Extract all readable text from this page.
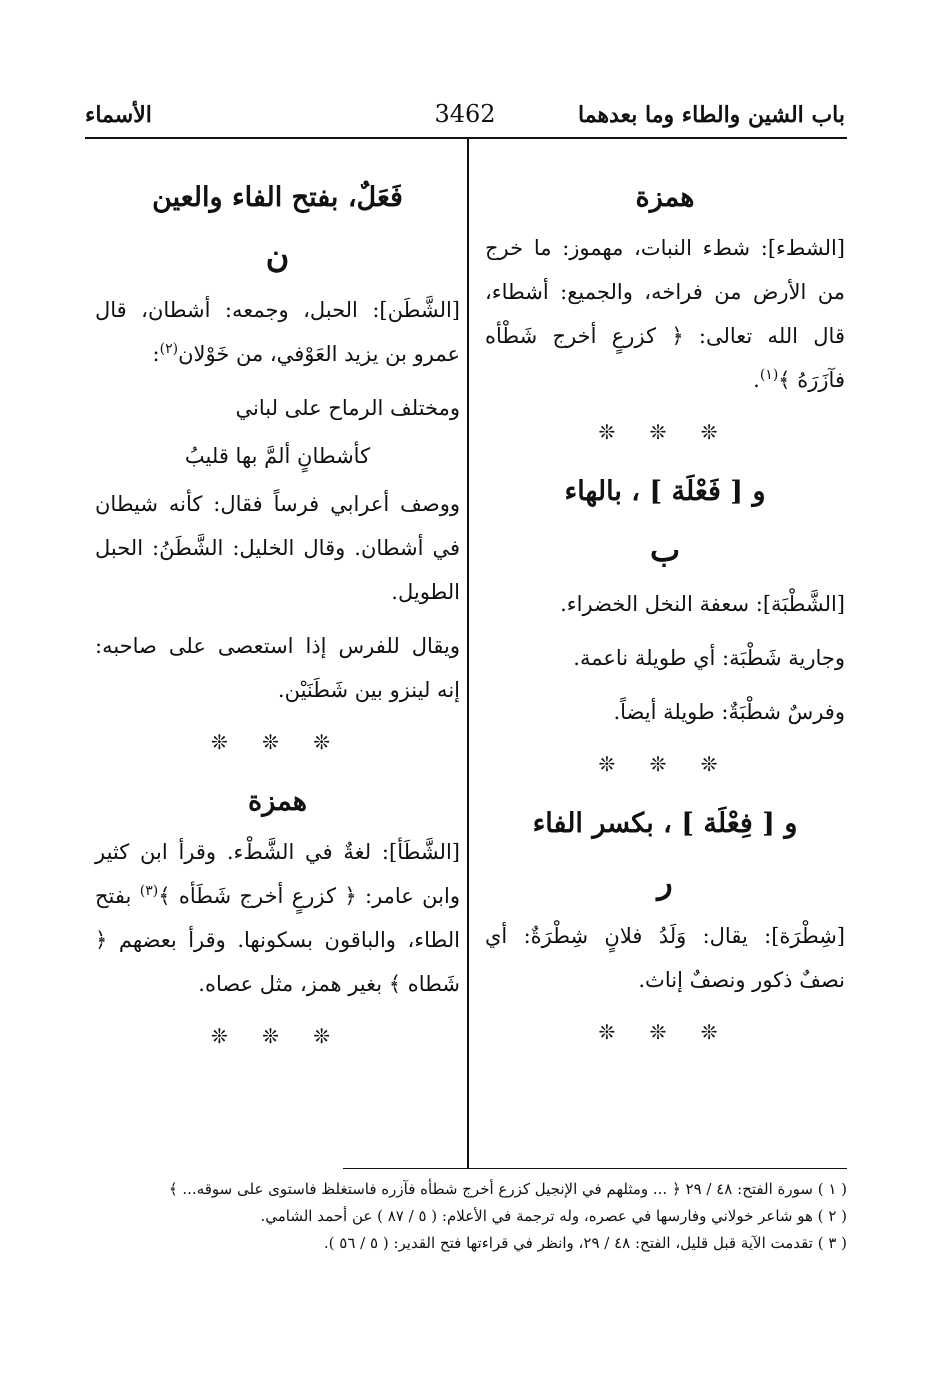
باب الشين والطاء وما بعدهما
3462
الأسماء
همزة

[الشطء]: شطء النبات، مهموز: ما خرج من الأرض من فراخه، والجميع: أشطاء، قال الله تعالى: ﴿ كزرعٍ أخرج شَطْأه فآزَرَهُ ﴾$^{(١)}$.

❊ ❊ ❊
و [ فَعْلَة ] ، بالهاء
ب

[الشَّطْبَة]: سعفة النخل الخضراء.

وجارية شَطْبَة: أي طويلة ناعمة.

وفرسٌ شطْبَةٌ: طويلة أيضاً.

❊ ❊ ❊
و [ فِعْلَة ] ، بكسر الفاء
ر

[شِطْرَة]: يقال: وَلَدُ فلانٍ شِطْرَةٌ: أي نصفٌ ذكور ونصفٌ إناث.

❊ ❊ ❊
فَعَلٌ، بفتح الفاء والعين
ن

[الشَّطَن]: الحبل، وجمعه: أشطان، قال عمرو بن يزيد العَوْفي، من خَوْلان$^{(٢)}$:

ومختلف الرماح على لباني

كأشطانٍ ألمَّ بها قليبُ

ووصف أعرابي فرساً فقال: كأنه شيطان في أشطان. وقال الخليل: الشَّطَنُ: الحبل الطويل.

ويقال للفرس إذا استعصى على صاحبه: إنه لينزو بين شَطَنَيْن.

❊ ❊ ❊
همزة

[الشَّطَأ]: لغةٌ في الشَّطْء. وقرأ ابن كثير وابن عامر: ﴿ كزرعٍ أخرج شَطَأه ﴾$^{(٣)}$ بفتح الطاء، والباقون بسكونها. وقرأ بعضهم ﴿ شَطاه ﴾ بغير همز، مثل عصاه.

❊ ❊ ❊

( ١ ) سورة الفتح: ٤٨ / ٢٩ ﴿ ... ومثلهم في الإنجيل كزرع أخرج شطأه فآزره فاستغلظ فاستوى على سوقه... ﴾

( ٢ ) هو شاعر خولاني وفارسها في عصره، وله ترجمة في الأعلام: ( ٥ / ٨٧ ) عن أحمد الشامي.

( ٣ ) تقدمت الآية قبل قليل، الفتح: ٤٨ / ٢٩، وانظر في قراءتها فتح القدير: ( ٥ / ٥٦ ).
